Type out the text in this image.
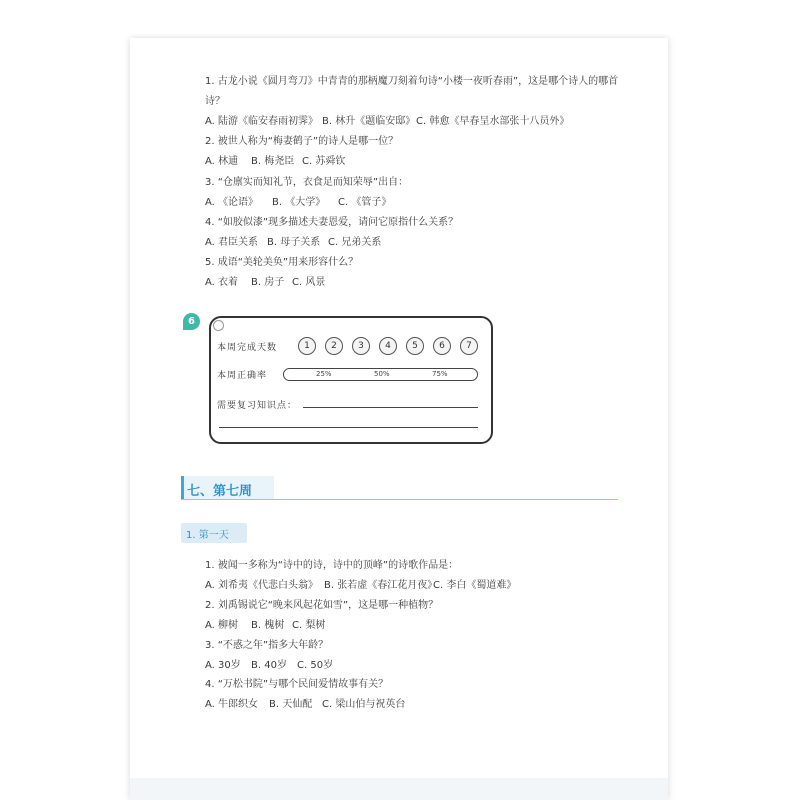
1. 古龙小说《圆月弯刀》中青青的那柄魔刀刻着句诗“小楼一夜听春雨”，这是哪个诗人的哪首
诗？
A. 陆游《临安春雨初霁》 B. 林升《题临安邸》 C. 韩愈《早春呈水部张十八员外》
2. 被世人称为“梅妻鹤子”的诗人是哪一位？
A. 林逋 B. 梅尧臣 C. 苏舜钦
3. “仓廪实而知礼节，衣食足而知荣辱”出自：
A. 《论语》 B. 《大学》 C. 《管子》
4. “如胶似漆”现多描述夫妻恩爱，请问它原指什么关系？
A. 君臣关系 B. 母子关系 C. 兄弟关系
5. 成语“美轮美奂”用来形容什么？
A. 衣着 B. 房子 C. 风景
6
本周完成天数	1	2	3	4	5	6	7
本周正确率	25%	50%	75%
需要复习知识点：
七、第七周
1. 第一天
1. 被闻一多称为“诗中的诗，诗中的顶峰”的诗歌作品是：
A. 刘希夷《代悲白头翁》 B. 张若虚《春江花月夜》
C. 李白《蜀道难》
2. 刘禹锡说它“晚来风起花如雪”，这是哪一种植物？
A. 柳树 B. 槐树 C. 梨树
3. “不惑之年”指多大年龄？
A. 30岁 B. 40岁 C. 50岁
4. “万松书院”与哪个民间爱情故事有关？
A. 牛郎织女 B. 天仙配 C. 梁山伯与祝英台
